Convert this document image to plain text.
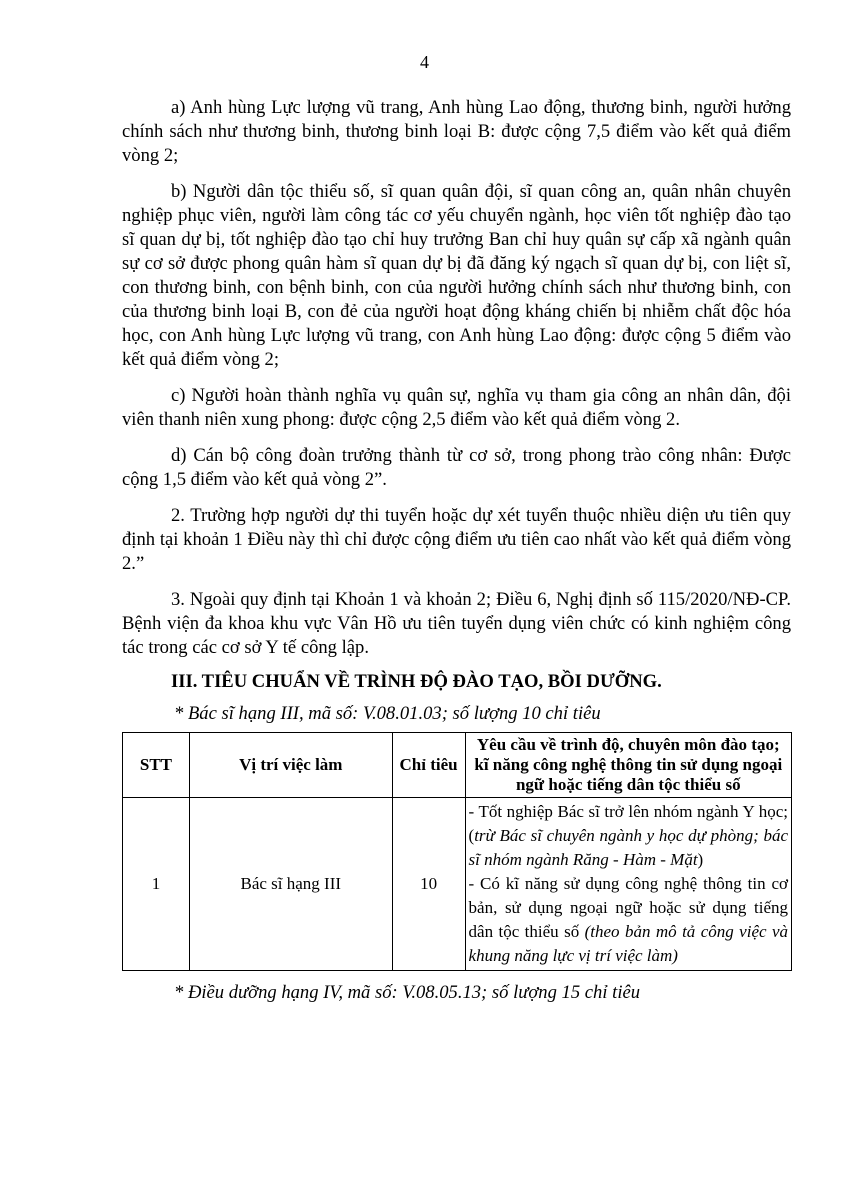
4

a) Anh hùng Lực lượng vũ trang, Anh hùng Lao động, thương binh, người hưởng chính sách như thương binh, thương binh loại B: được cộng 7,5 điểm vào kết quả điểm vòng 2;

b) Người dân tộc thiểu số, sĩ quan quân đội, sĩ quan công an, quân nhân chuyên nghiệp phục viên, người làm công tác cơ yếu chuyển ngành, học viên tốt nghiệp đào tạo sĩ quan dự bị, tốt nghiệp đào tạo chỉ huy trưởng Ban chỉ huy quân sự cấp xã ngành quân sự cơ sở được phong quân hàm sĩ quan dự bị đã đăng ký ngạch sĩ quan dự bị, con liệt sĩ, con thương binh, con bệnh binh, con của người hưởng chính sách như thương binh, con của thương binh loại B, con đẻ của người hoạt động kháng chiến bị nhiễm chất độc hóa học, con Anh hùng Lực lượng vũ trang, con Anh hùng Lao động: được cộng 5 điểm vào kết quả điểm vòng 2;

c) Người hoàn thành nghĩa vụ quân sự, nghĩa vụ tham gia công an nhân dân, đội viên thanh niên xung phong: được cộng 2,5 điểm vào kết quả điểm vòng 2.

d) Cán bộ công đoàn trưởng thành từ cơ sở, trong phong trào công nhân: Được cộng 1,5 điểm vào kết quả vòng 2”.

2. Trường hợp người dự thi tuyển hoặc dự xét tuyển thuộc nhiều diện ưu tiên quy định tại khoản 1 Điều này thì chỉ được cộng điểm ưu tiên cao nhất vào kết quả điểm vòng 2.”

3. Ngoài quy định tại Khoản 1 và khoản 2; Điều 6, Nghị định số 115/2020/NĐ-CP. Bệnh viện đa khoa khu vực Vân Hồ ưu tiên tuyển dụng viên chức có kinh nghiệm công tác trong các cơ sở Y tế công lập.

III. TIÊU CHUẨN VỀ TRÌNH ĐỘ ĐÀO TẠO, BỒI DƯỠNG.
* Bác sĩ hạng III, mã số: V.08.01.03; số lượng 10 chỉ tiêu
STT	Vị trí việc làm	Chỉ tiêu	Yêu cầu về trình độ, chuyên môn đào tạo; kĩ năng công nghệ thông tin sử dụng ngoại ngữ hoặc tiếng dân tộc thiểu số
1	Bác sĩ hạng III	10	- Tốt nghiệp Bác sĩ trở lên nhóm ngành Y học; (trừ Bác sĩ chuyên ngành y học dự phòng; bác sĩ nhóm ngành Răng - Hàm - Mặt)
- Có kĩ năng sử dụng công nghệ thông tin cơ bản, sử dụng ngoại ngữ hoặc sử dụng tiếng dân tộc thiểu số (theo bản mô tả công việc và khung năng lực vị trí việc làm)
* Điều dưỡng hạng IV, mã số: V.08.05.13; số lượng 15 chỉ tiêu
